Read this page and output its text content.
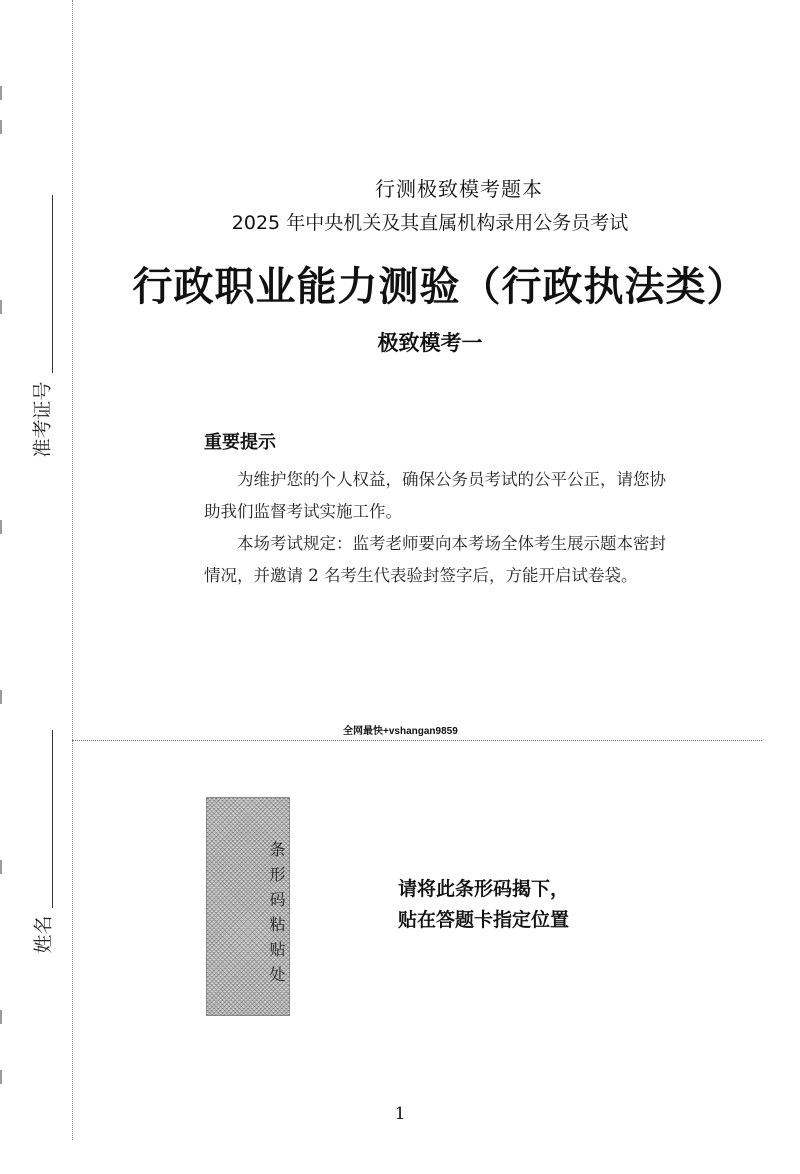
准考证号
姓名
行测极致模考题本
2025 年中央机关及其直属机构录用公务员考试
行政职业能力测验（行政执法类）
极致模考一
重要提示

为维护您的个人权益，确保公务员考试的公平公正，请您协助我们监督考试实施工作。

本场考试规定：监考老师要向本考场全体考生展示题本密封情况，并邀请 2 名考生代表验封签字后，方能开启试卷袋。

全网最快+vshangan9859
条形码粘贴处	请将此条形码揭下，
贴在答题卡指定位置
1
